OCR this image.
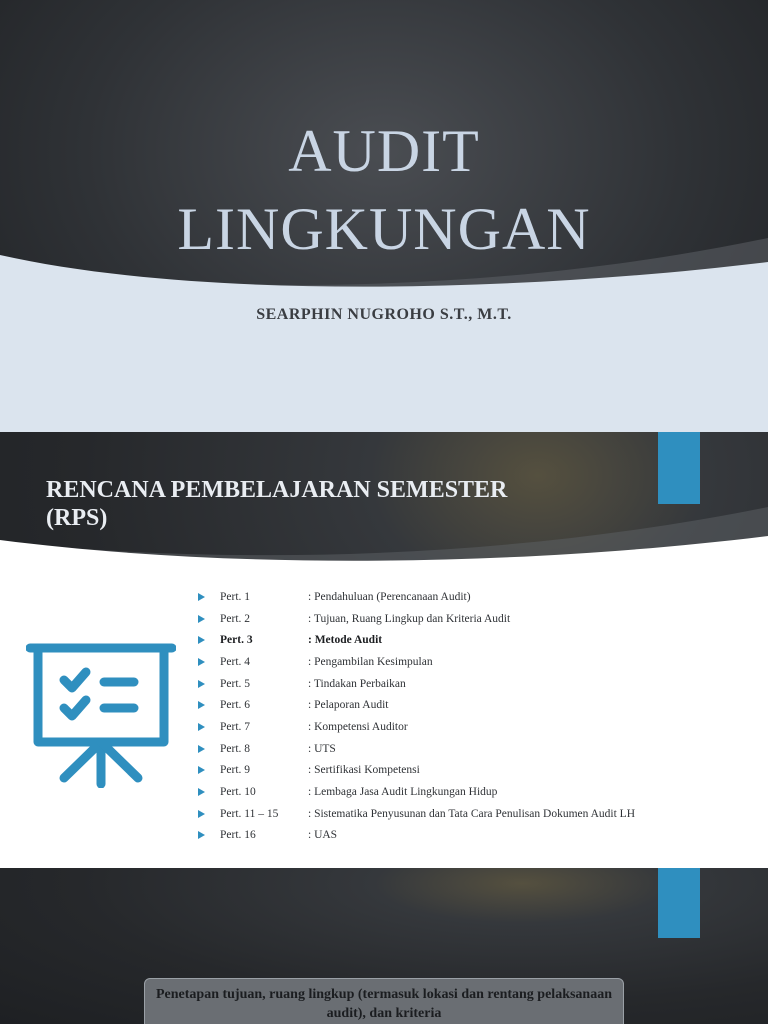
AUDIT
LINGKUNGAN
SEARPHIN NUGROHO S.T., M.T.
RENCANA PEMBELAJARAN SEMESTER
(RPS)
Pert. 1	: Pendahuluan (Perencanaan Audit)
Pert. 2	: Tujuan, Ruang Lingkup dan Kriteria Audit
Pert. 3	: Metode Audit
Pert. 4	: Pengambilan Kesimpulan
Pert. 5	: Tindakan Perbaikan
Pert. 6	: Pelaporan Audit
Pert. 7	: Kompetensi Auditor
Pert. 8	: UTS
Pert. 9	: Sertifikasi Kompetensi
Pert. 10	: Lembaga Jasa Audit Lingkungan Hidup
Pert. 11 – 15	: Sistematika Penyusunan dan Tata Cara Penulisan Dokumen Audit LH
Pert. 16	: UAS
Penetapan tujuan, ruang lingkup (termasuk lokasi dan rentang pelaksanaan audit), dan kriteria
